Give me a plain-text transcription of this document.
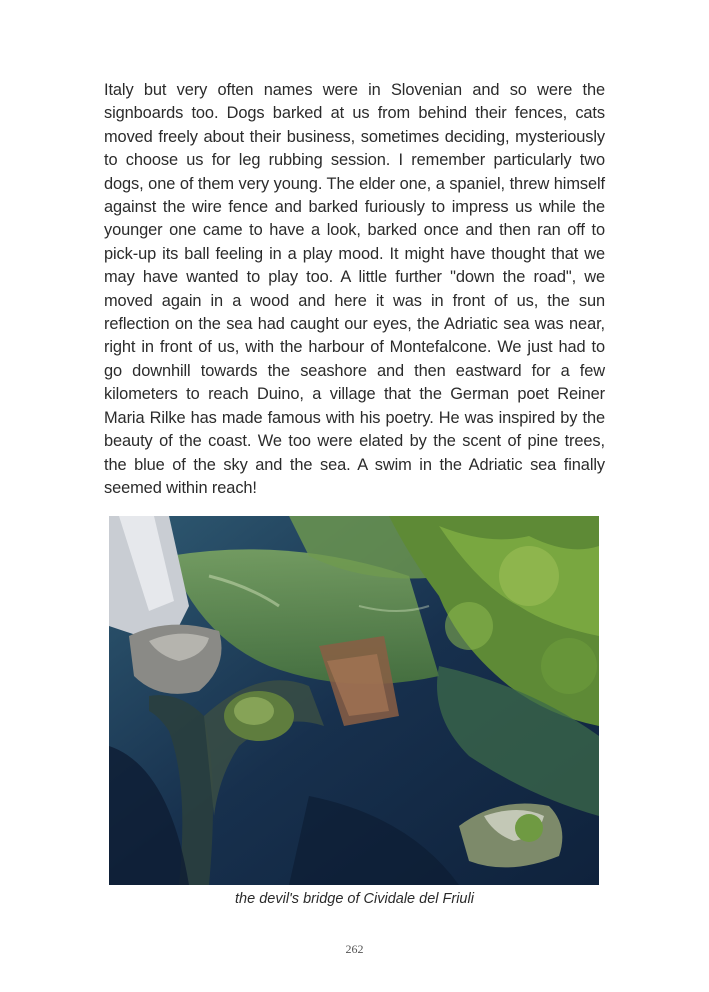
Italy but very often names were in Slovenian and so were the signboards too. Dogs barked at us from behind their fences, cats moved freely about their business, sometimes deciding, mysteriously to choose us for leg rubbing session. I remember particularly two dogs, one of them very young. The elder one, a spaniel, threw himself against the wire fence and barked furiously to impress us while the younger one came to have a look, barked once and then ran off to pick-up its ball feeling in a play mood. It might have thought that we may have wanted to play too. A little further "down the road", we moved again in a wood and here it was in front of us, the sun reflection on the sea had caught our eyes, the Adriatic sea was near, right in front of us, with the harbour of Montefalcone. We just had to go downhill towards the seashore and then eastward for a few kilometers to reach Duino, a village that the German poet Reiner Maria Rilke has made famous with his poetry. He was inspired by the beauty of the coast. We too were elated by the scent of pine trees, the blue of the sky and the sea. A swim in the Adriatic sea finally seemed within reach!

the devil's bridge of Cividale del Friuli

262
